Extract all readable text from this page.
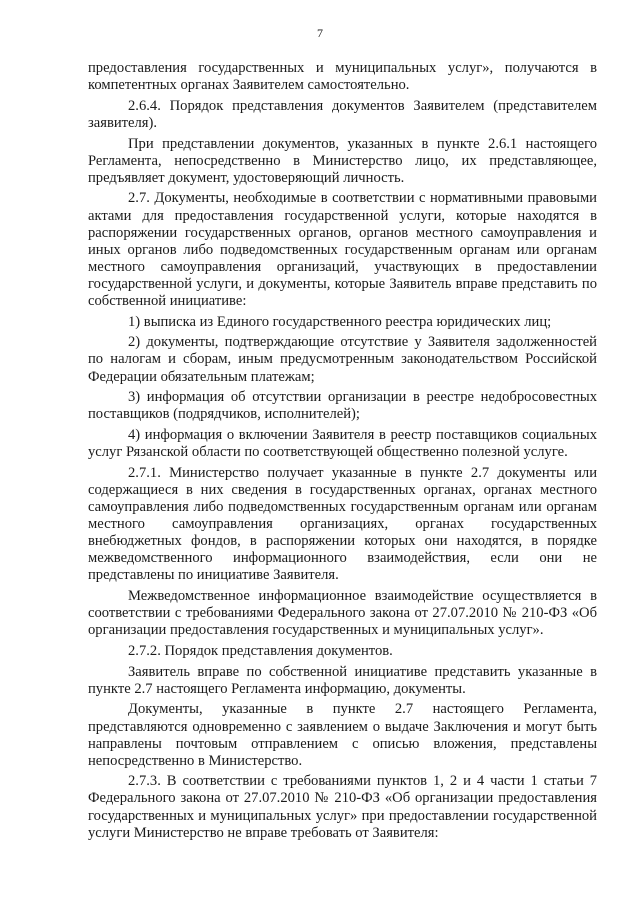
7

предоставления государственных и муниципальных услуг», получаются в компетентных органах Заявителем самостоятельно.

2.6.4. Порядок представления документов Заявителем (представителем заявителя).

При представлении документов, указанных в пункте 2.6.1 настоящего Регламента, непосредственно в Министерство лицо, их представляющее, предъявляет документ, удостоверяющий личность.

2.7. Документы, необходимые в соответствии с нормативными правовыми актами для предоставления государственной услуги, которые находятся в распоряжении государственных органов, органов местного самоуправления и иных органов либо подведомственных государственным органам или органам местного самоуправления организаций, участвующих в предоставлении государственной услуги, и документы, которые Заявитель вправе представить по собственной инициативе:

1) выписка из Единого государственного реестра юридических лиц;

2) документы, подтверждающие отсутствие у Заявителя задолженностей по налогам и сборам, иным предусмотренным законодательством Российской Федерации обязательным платежам;

3) информация об отсутствии организации в реестре недобросовестных поставщиков (подрядчиков, исполнителей);

4) информация о включении Заявителя в реестр поставщиков социальных услуг Рязанской области по соответствующей общественно полезной услуге.

2.7.1. Министерство получает указанные в пункте 2.7 документы или содержащиеся в них сведения в государственных органах, органах местного самоуправления либо подведомственных государственным органам или органам местного самоуправления организациях, органах государственных внебюджетных фондов, в распоряжении которых они находятся, в порядке межведомственного информационного взаимодействия, если они не представлены по инициативе Заявителя.

Межведомственное информационное взаимодействие осуществляется в соответствии с требованиями Федерального закона от 27.07.2010 № 210-ФЗ «Об организации предоставления государственных и муниципальных услуг».

2.7.2. Порядок представления документов.

Заявитель вправе по собственной инициативе представить указанные в пункте 2.7 настоящего Регламента информацию, документы.

Документы, указанные в пункте 2.7 настоящего Регламента, представляются одновременно с заявлением о выдаче Заключения и могут быть направлены почтовым отправлением с описью вложения, представлены непосредственно в Министерство.

2.7.3. В соответствии с требованиями пунктов 1, 2 и 4 части 1 статьи 7 Федерального закона от 27.07.2010 № 210-ФЗ «Об организации предоставления государственных и муниципальных услуг» при предоставлении государственной услуги Министерство не вправе требовать от Заявителя:
